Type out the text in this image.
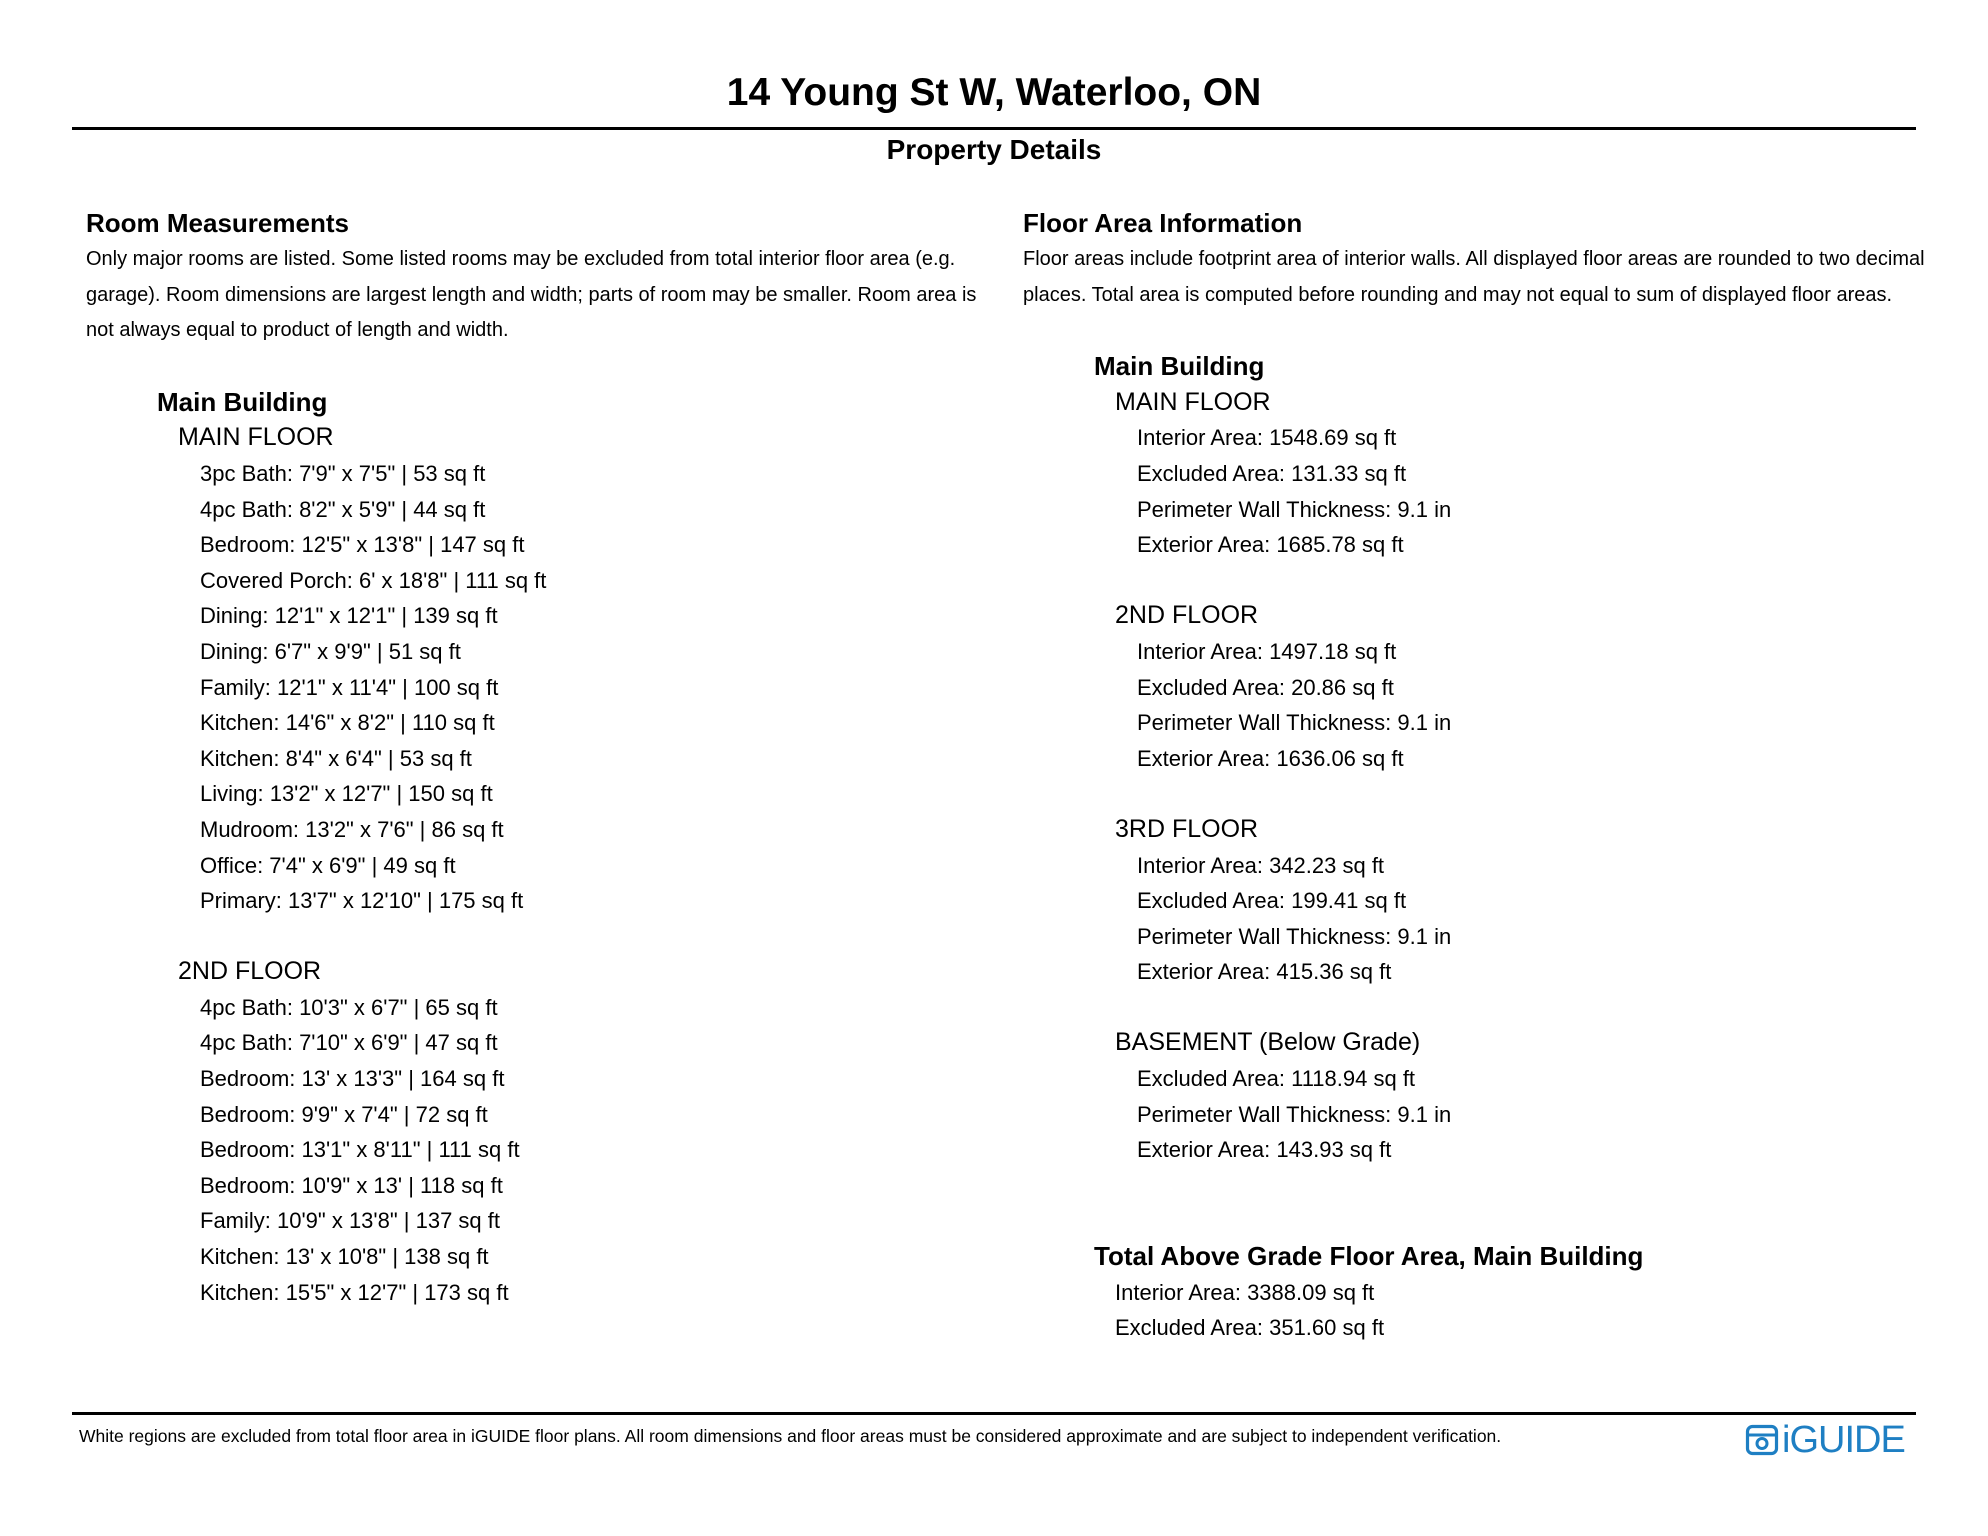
14 Young St W, Waterloo, ON
Property Details
Room Measurements

Only major rooms are listed. Some listed rooms may be excluded from total interior floor area (e.g. garage). Room dimensions are largest length and width; parts of room may be smaller. Room area is not always equal to product of length and width.

Main Building
MAIN FLOOR
3pc Bath: 7'9" x 7'5" | 53 sq ft
4pc Bath: 8'2" x 5'9" | 44 sq ft
Bedroom: 12'5" x 13'8" | 147 sq ft
Covered Porch: 6' x 18'8" | 111 sq ft
Dining: 12'1" x 12'1" | 139 sq ft
Dining: 6'7" x 9'9" | 51 sq ft
Family: 12'1" x 11'4" | 100 sq ft
Kitchen: 14'6" x 8'2" | 110 sq ft
Kitchen: 8'4" x 6'4" | 53 sq ft
Living: 13'2" x 12'7" | 150 sq ft
Mudroom: 13'2" x 7'6" | 86 sq ft
Office: 7'4" x 6'9" | 49 sq ft
Primary: 13'7" x 12'10" | 175 sq ft
2ND FLOOR
4pc Bath: 10'3" x 6'7" | 65 sq ft
4pc Bath: 7'10" x 6'9" | 47 sq ft
Bedroom: 13' x 13'3" | 164 sq ft
Bedroom: 9'9" x 7'4" | 72 sq ft
Bedroom: 13'1" x 8'11" | 111 sq ft
Bedroom: 10'9" x 13' | 118 sq ft
Family: 10'9" x 13'8" | 137 sq ft
Kitchen: 13' x 10'8" | 138 sq ft
Kitchen: 15'5" x 12'7" | 173 sq ft
Floor Area Information

Floor areas include footprint area of interior walls. All displayed floor areas are rounded to two decimal places. Total area is computed before rounding and may not equal to sum of displayed floor areas.

Main Building
MAIN FLOOR
Interior Area: 1548.69 sq ft
Excluded Area: 131.33 sq ft
Perimeter Wall Thickness: 9.1 in
Exterior Area: 1685.78 sq ft
2ND FLOOR
Interior Area: 1497.18 sq ft
Excluded Area: 20.86 sq ft
Perimeter Wall Thickness: 9.1 in
Exterior Area: 1636.06 sq ft
3RD FLOOR
Interior Area: 342.23 sq ft
Excluded Area: 199.41 sq ft
Perimeter Wall Thickness: 9.1 in
Exterior Area: 415.36 sq ft
BASEMENT (Below Grade)
Excluded Area: 1118.94 sq ft
Perimeter Wall Thickness: 9.1 in
Exterior Area: 143.93 sq ft
Total Above Grade Floor Area, Main Building
Interior Area: 3388.09 sq ft
Excluded Area: 351.60 sq ft
White regions are excluded from total floor area in iGUIDE floor plans. All room dimensions and floor areas must be considered approximate and are subject to independent verification.	iGUIDE
